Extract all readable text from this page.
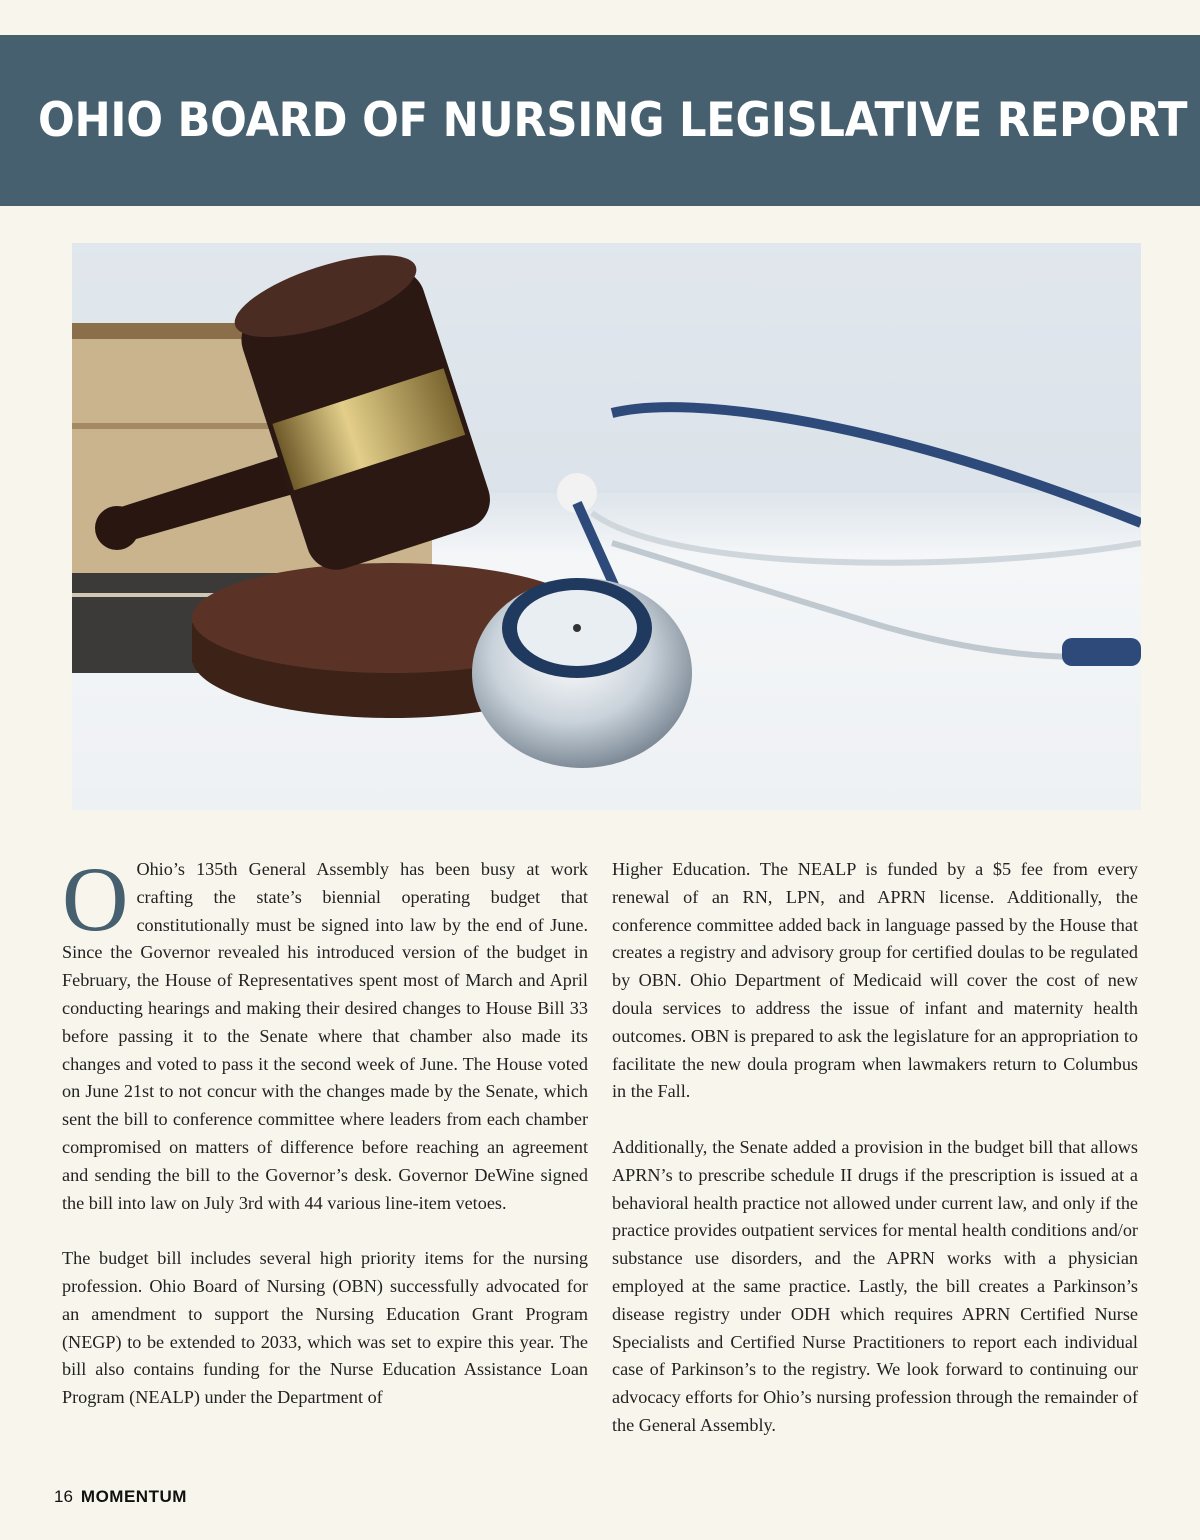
OHIO BOARD OF NURSING LEGISLATIVE REPORT

O Ohio’s 135th General Assembly has been busy at work crafting the state’s biennial operating budget that constitutionally must be signed into law by the end of June. Since the Governor revealed his introduced version of the budget in February, the House of Representatives spent most of March and April conducting hearings and making their desired changes to House Bill 33 before passing it to the Senate where that chamber also made its changes and voted to pass it the second week of June. The House voted on June 21st to not concur with the changes made by the Senate, which sent the bill to conference committee where leaders from each chamber compromised on matters of difference before reaching an agreement and sending the bill to the Governor’s desk. Governor DeWine signed the bill into law on July 3rd with 44 various line-item vetoes.

The budget bill includes several high priority items for the nursing profession. Ohio Board of Nursing (OBN) successfully advocated for an amendment to support the Nursing Education Grant Program (NEGP) to be extended to 2033, which was set to expire this year. The bill also contains funding for the Nurse Education Assistance Loan Program (NEALP) under the Department of

Higher Education. The NEALP is funded by a $5 fee from every renewal of an RN, LPN, and APRN license. Additionally, the conference committee added back in language passed by the House that creates a registry and advisory group for certified doulas to be regulated by OBN. Ohio Department of Medicaid will cover the cost of new doula services to address the issue of infant and maternity health outcomes. OBN is prepared to ask the legislature for an appropriation to facilitate the new doula program when lawmakers return to Columbus in the Fall.

Additionally, the Senate added a provision in the budget bill that allows APRN’s to prescribe schedule II drugs if the prescription is issued at a behavioral health practice not allowed under current law, and only if the practice provides outpatient services for mental health conditions and/or substance use disorders, and the APRN works with a physician employed at the same practice. Lastly, the bill creates a Parkinson’s disease registry under ODH which requires APRN Certified Nurse Specialists and Certified Nurse Practitioners to report each individual case of Parkinson’s to the registry. We look forward to continuing our advocacy efforts for Ohio’s nursing profession through the remainder of the General Assembly.

16 MOMENTUM
